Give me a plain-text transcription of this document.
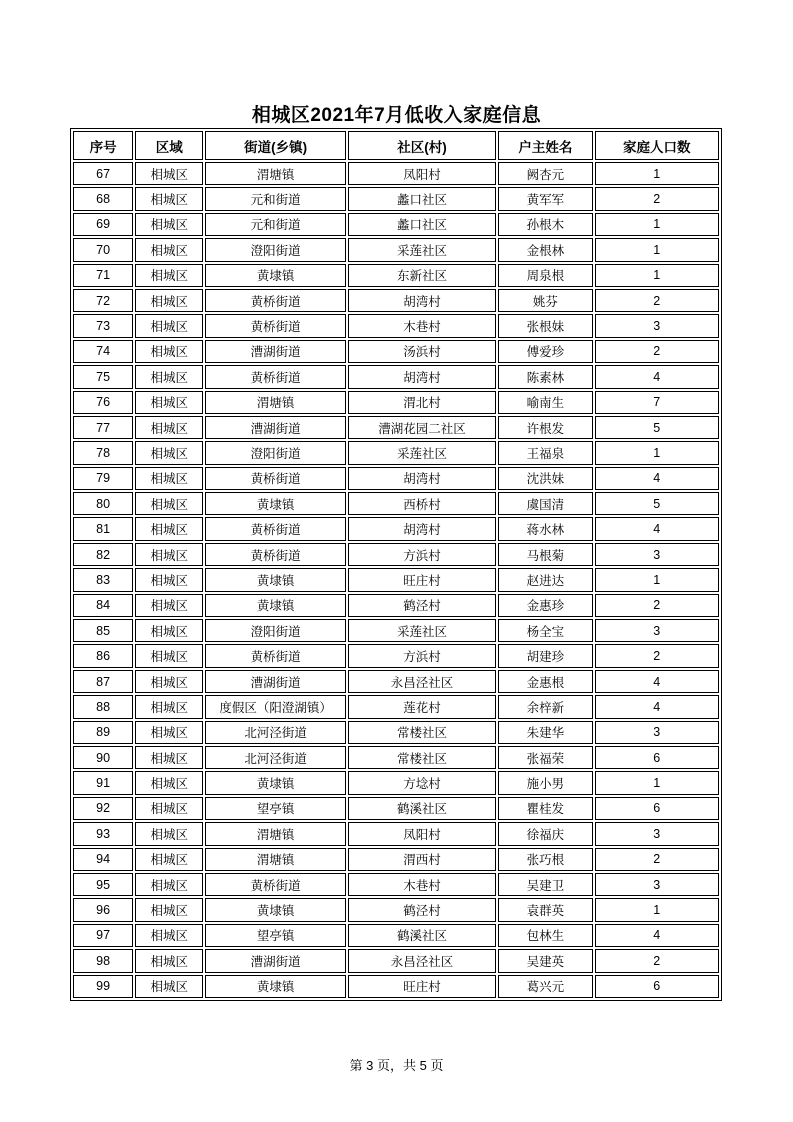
相城区2021年7月低收入家庭信息
序号	区域	街道(乡镇)	社区(村)	户主姓名	家庭人口数
67	相城区	渭塘镇	凤阳村	阙杏元	1
68	相城区	元和街道	蠡口社区	黄军军	2
69	相城区	元和街道	蠡口社区	孙根木	1
70	相城区	澄阳街道	采莲社区	金根林	1
71	相城区	黄埭镇	东新社区	周泉根	1
72	相城区	黄桥街道	胡湾村	姚芬	2
73	相城区	黄桥街道	木巷村	张根妹	3
74	相城区	漕湖街道	汤浜村	傅爱珍	2
75	相城区	黄桥街道	胡湾村	陈素林	4
76	相城区	渭塘镇	渭北村	喻南生	7
77	相城区	漕湖街道	漕湖花园二社区	许根发	5
78	相城区	澄阳街道	采莲社区	王福泉	1
79	相城区	黄桥街道	胡湾村	沈洪妹	4
80	相城区	黄埭镇	西桥村	虞国清	5
81	相城区	黄桥街道	胡湾村	蒋水林	4
82	相城区	黄桥街道	方浜村	马根菊	3
83	相城区	黄埭镇	旺庄村	赵进达	1
84	相城区	黄埭镇	鹤泾村	金惠珍	2
85	相城区	澄阳街道	采莲社区	杨全宝	3
86	相城区	黄桥街道	方浜村	胡建珍	2
87	相城区	漕湖街道	永昌泾社区	金惠根	4
88	相城区	度假区（阳澄湖镇）	莲花村	余梓新	4
89	相城区	北河泾街道	常楼社区	朱建华	3
90	相城区	北河泾街道	常楼社区	张福荣	6
91	相城区	黄埭镇	方埝村	施小男	1
92	相城区	望亭镇	鹤溪社区	瞿桂发	6
93	相城区	渭塘镇	凤阳村	徐福庆	3
94	相城区	渭塘镇	渭西村	张巧根	2
95	相城区	黄桥街道	木巷村	吴建卫	3
96	相城区	黄埭镇	鹤泾村	袁群英	1
97	相城区	望亭镇	鹤溪社区	包林生	4
98	相城区	漕湖街道	永昌泾社区	吴建英	2
99	相城区	黄埭镇	旺庄村	葛兴元	6
第 3 页，共 5 页
